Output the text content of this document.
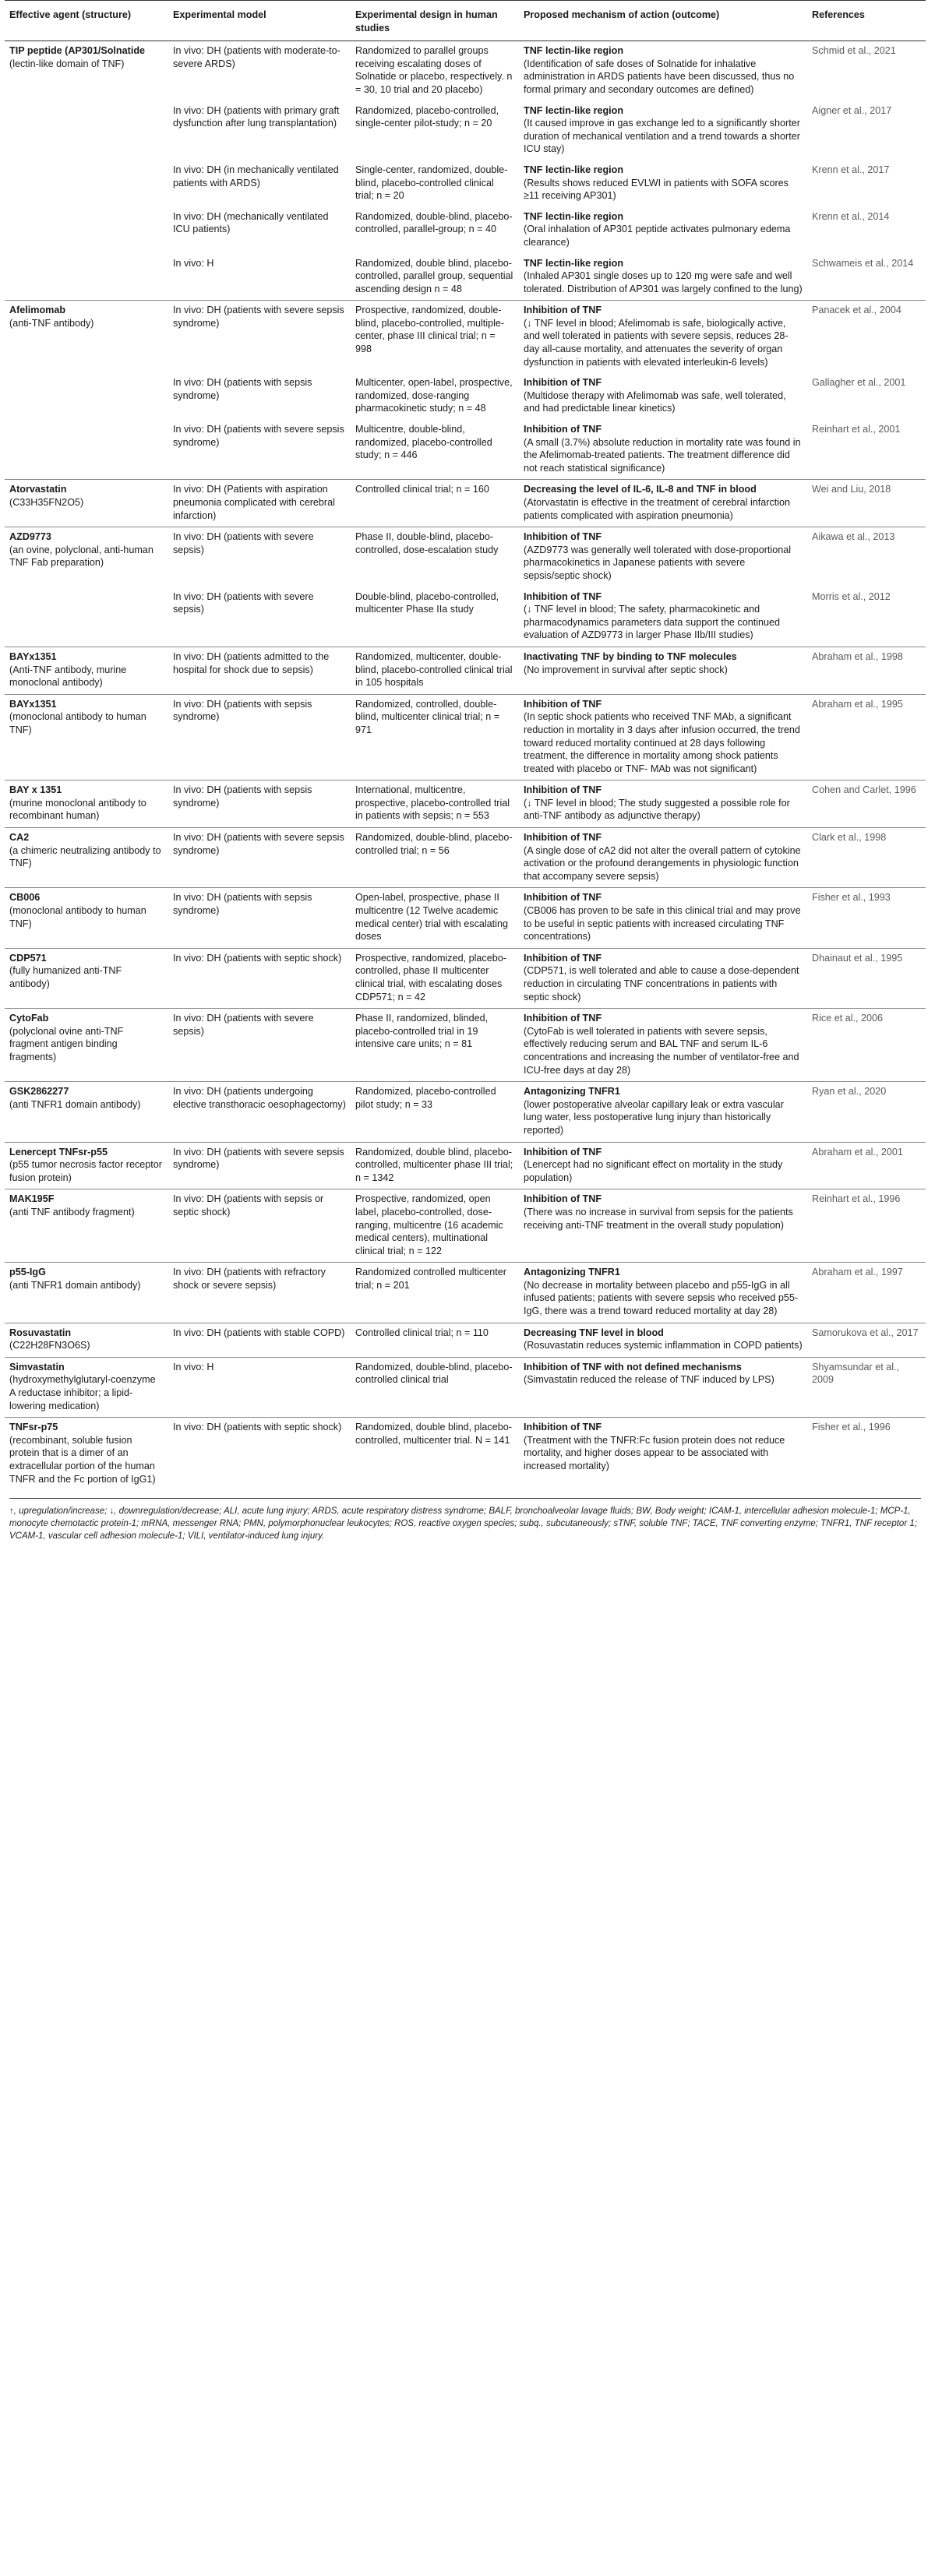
Effective agent (structure)	Experimental model	Experimental design in human studies	Proposed mechanism of action (outcome)	References

TIP peptide (AP301/Solnatide
(lectin-like domain of TNF)	In vivo: DH (patients with moderate-to-severe ARDS)	Randomized to parallel groups receiving escalating doses of Solnatide or placebo, respectively. n = 30, 10 trial and 20 placebo)	TNF lectin-like region
(Identification of safe doses of Solnatide for inhalative administration in ARDS patients have been discussed, thus no formal primary and secondary outcomes are defined)	Schmid et al., 2021

	In vivo: DH (patients with primary graft dysfunction after lung transplantation)	Randomized, placebo-controlled, single-center pilot-study; n = 20	TNF lectin-like region
(It caused improve in gas exchange led to a significantly shorter duration of mechanical ventilation and a trend towards a shorter ICU stay)	Aigner et al., 2017

	In vivo: DH (in mechanically ventilated patients with ARDS)	Single-center, randomized, double-blind, placebo-controlled clinical trial; n = 20	TNF lectin-like region
(Results shows reduced EVLWI in patients with SOFA scores ≥11 receiving AP301)	Krenn et al., 2017

	In vivo: DH (mechanically ventilated ICU patients)	Randomized, double-blind, placebo-controlled, parallel-group; n = 40	TNF lectin-like region
(Oral inhalation of AP301 peptide activates pulmonary edema clearance)	Krenn et al., 2014

	In vivo: H	Randomized, double blind, placebo-controlled, parallel group, sequential ascending design n = 48	TNF lectin-like region
(Inhaled AP301 single doses up to 120 mg were safe and well tolerated. Distribution of AP301 was largely confined to the lung)	Schwameis et al., 2014

Afelimomab
(anti-TNF antibody)	In vivo: DH (patients with severe sepsis syndrome)	Prospective, randomized, double-blind, placebo-controlled, multiple-center, phase III clinical trial; n = 998	Inhibition of TNF
(↓ TNF level in blood; Afelimomab is safe, biologically active, and well tolerated in patients with severe sepsis, reduces 28-day all-cause mortality, and attenuates the severity of organ dysfunction in patients with elevated interleukin-6 levels)	Panacek et al., 2004

	In vivo: DH (patients with sepsis syndrome)	Multicenter, open-label, prospective, randomized, dose-ranging pharmacokinetic study; n = 48	Inhibition of TNF
(Multidose therapy with Afelimomab was safe, well tolerated, and had predictable linear kinetics)	Gallagher et al., 2001

	In vivo: DH (patients with severe sepsis syndrome)	Multicentre, double-blind, randomized, placebo-controlled study; n = 446	Inhibition of TNF
(A small (3.7%) absolute reduction in mortality rate was found in the Afelimomab-treated patients. The treatment difference did not reach statistical significance)	Reinhart et al., 2001

Atorvastatin
(C33H35FN2O5)	In vivo: DH (Patients with aspiration pneumonia complicated with cerebral infarction)	Controlled clinical trial; n = 160	Decreasing the level of IL-6, IL-8 and TNF in blood
(Atorvastatin is effective in the treatment of cerebral infarction patients complicated with aspiration pneumonia)	Wei and Liu, 2018

AZD9773
(an ovine, polyclonal, anti-human TNF Fab preparation)	In vivo: DH (patients with severe sepsis)	Phase II, double-blind, placebo-controlled, dose-escalation study	Inhibition of TNF
(AZD9773 was generally well tolerated with dose-proportional pharmacokinetics in Japanese patients with severe sepsis/septic shock)	Aikawa et al., 2013

	In vivo: DH (patients with severe sepsis)	Double-blind, placebo-controlled, multicenter Phase IIa study	Inhibition of TNF
(↓ TNF level in blood; The safety, pharmacokinetic and pharmacodynamics parameters data support the continued evaluation of AZD9773 in larger Phase IIb/III studies)	Morris et al., 2012

BAYx1351
(Anti-TNF antibody, murine monoclonal antibody)	In vivo: DH (patients admitted to the hospital for shock due to sepsis)	Randomized, multicenter, double-blind, placebo-controlled clinical trial in 105 hospitals	Inactivating TNF by binding to TNF molecules
(No improvement in survival after septic shock)	Abraham et al., 1998

BAYx1351
(monoclonal antibody to human TNF)	In vivo: DH (patients with sepsis syndrome)	Randomized, controlled, double-blind, multicenter clinical trial; n = 971	Inhibition of TNF
(In septic shock patients who received TNF MAb, a significant reduction in mortality in 3 days after infusion occurred, the trend toward reduced mortality continued at 28 days following treatment, the difference in mortality among shock patients treated with placebo or TNF- MAb was not significant)	Abraham et al., 1995

BAY x 1351
(murine monoclonal antibody to recombinant human)	In vivo: DH (patients with sepsis syndrome)	International, multicentre, prospective, placebo-controlled trial in patients with sepsis; n = 553	Inhibition of TNF
(↓ TNF level in blood; The study suggested a possible role for anti-TNF antibody as adjunctive therapy)	Cohen and Carlet, 1996

CA2
(a chimeric neutralizing antibody to TNF)	In vivo: DH (patients with severe sepsis syndrome)	Randomized, double-blind, placebo-controlled trial; n = 56	Inhibition of TNF
(A single dose of cA2 did not alter the overall pattern of cytokine activation or the profound derangements in physiologic function that accompany severe sepsis)	Clark et al., 1998

CB006
(monoclonal antibody to human TNF)	In vivo: DH (patients with sepsis syndrome)	Open-label, prospective, phase II multicentre (12 Twelve academic medical center) trial with escalating doses	Inhibition of TNF
(CB006 has proven to be safe in this clinical trial and may prove to be useful in septic patients with increased circulating TNF concentrations)	Fisher et al., 1993

CDP571
(fully humanized anti-TNF antibody)	In vivo: DH (patients with septic shock)	Prospective, randomized, placebo-controlled, phase II multicenter clinical trial, with escalating doses CDP571; n = 42	Inhibition of TNF
(CDP571, is well tolerated and able to cause a dose-dependent reduction in circulating TNF concentrations in patients with septic shock)	Dhainaut et al., 1995

CytoFab
(polyclonal ovine anti-TNF fragment antigen binding fragments)	In vivo: DH (patients with severe sepsis)	Phase II, randomized, blinded, placebo-controlled trial in 19 intensive care units; n = 81	Inhibition of TNF
(CytoFab is well tolerated in patients with severe sepsis, effectively reducing serum and BAL TNF and serum IL-6 concentrations and increasing the number of ventilator-free and ICU-free days at day 28)	Rice et al., 2006

GSK2862277
(anti TNFR1 domain antibody)	In vivo: DH (patients undergoing elective transthoracic oesophagectomy)	Randomized, placebo-controlled pilot study; n = 33	Antagonizing TNFR1
(lower postoperative alveolar capillary leak or extra vascular lung water, less postoperative lung injury than historically reported)	Ryan et al., 2020

Lenercept TNFsr-p55
(p55 tumor necrosis factor receptor fusion protein)	In vivo: DH (patients with severe sepsis syndrome)	Randomized, double blind, placebo-controlled, multicenter phase III trial; n = 1342	Inhibition of TNF
(Lenercept had no significant effect on mortality in the study population)	Abraham et al., 2001

MAK195F
(anti TNF antibody fragment)	In vivo: DH (patients with sepsis or septic shock)	Prospective, randomized, open label, placebo-controlled, dose-ranging, multicentre (16 academic medical centers), multinational clinical trial; n = 122	Inhibition of TNF
(There was no increase in survival from sepsis for the patients receiving anti-TNF treatment in the overall study population)	Reinhart et al., 1996

p55-IgG
(anti TNFR1 domain antibody)	In vivo: DH (patients with refractory shock or severe sepsis)	Randomized controlled multicenter trial; n = 201	Antagonizing TNFR1
(No decrease in mortality between placebo and p55-IgG in all infused patients; patients with severe sepsis who received p55-IgG, there was a trend toward reduced mortality at day 28)	Abraham et al., 1997

Rosuvastatin
(C22H28FN3O6S)	In vivo: DH (patients with stable COPD)	Controlled clinical trial; n = 110	Decreasing TNF level in blood
(Rosuvastatin reduces systemic inflammation in COPD patients)	Samorukova et al., 2017

Simvastatin
(hydroxymethylglutaryl-coenzyme A reductase inhibitor; a lipid-lowering medication)	In vivo: H	Randomized, double-blind, placebo-controlled clinical trial	Inhibition of TNF with not defined mechanisms
(Simvastatin reduced the release of TNF induced by LPS)	Shyamsundar et al., 2009

TNFsr-p75
(recombinant, soluble fusion protein that is a dimer of an extracellular portion of the human TNFR and the Fc portion of IgG1)	In vivo: DH (patients with septic shock)	Randomized, double blind, placebo-controlled, multicenter trial. N = 141	Inhibition of TNF
(Treatment with the TNFR:Fc fusion protein does not reduce mortality, and higher doses appear to be associated with increased mortality)	Fisher et al., 1996
↑, upregulation/increase; ↓, downregulation/decrease; ALI, acute lung injury; ARDS, acute respiratory distress syndrome; BALF, bronchoalveolar lavage fluids; BW, Body weight; ICAM-1, intercellular adhesion molecule-1; MCP-1, monocyte chemotactic protein-1; mRNA, messenger RNA; PMN, polymorphonuclear leukocytes; ROS, reactive oxygen species; subq., subcutaneously; sTNF, soluble TNF; TACE, TNF converting enzyme; TNFR1, TNF receptor 1; VCAM-1, vascular cell adhesion molecule-1; VILI, ventilator-induced lung injury.
